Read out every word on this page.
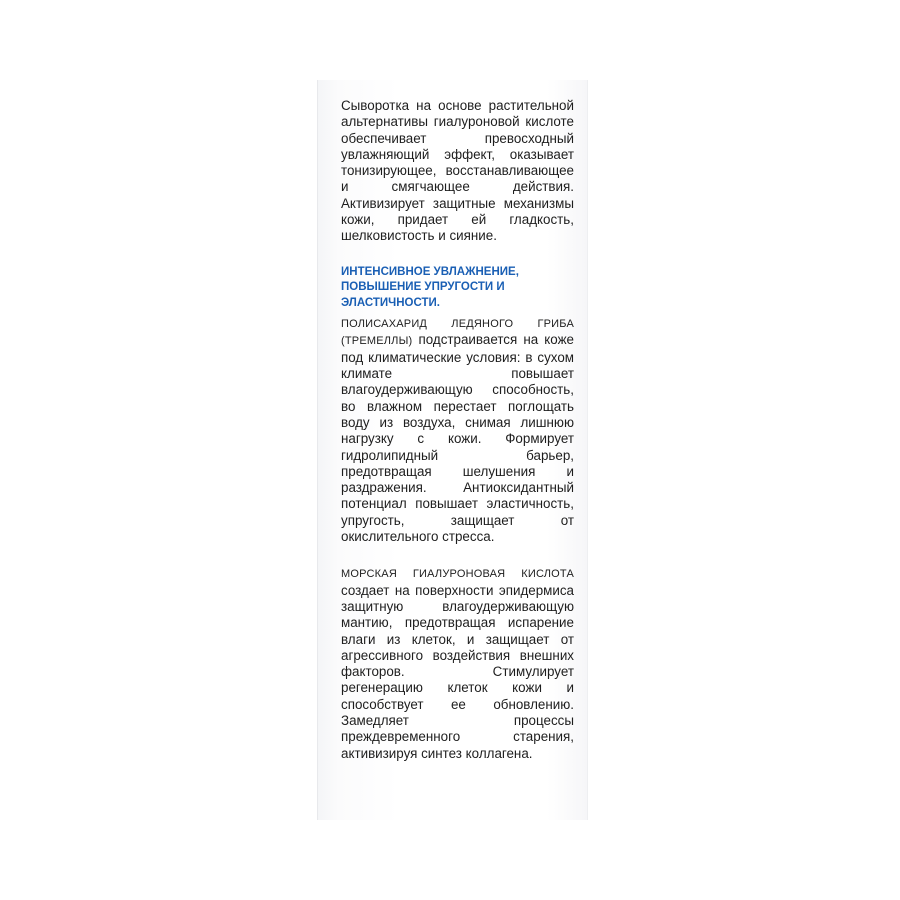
Сыворотка на основе растительной альтернативы гиалуроновой кислоте обеспечивает превосходный увлажняющий эффект, оказывает тонизирующее, восстанавливающее и смягчающее действия. Активизирует защитные механизмы кожи, придает ей гладкость, шелковистость и сияние.

ИНТЕНСИВНОЕ УВЛАЖНЕНИЕ, ПОВЫШЕНИЕ УПРУГОСТИ И ЭЛАСТИЧНОСТИ.

ПОЛИСАХАРИД ЛЕДЯНОГО ГРИБА (ТРЕМЕЛЛЫ) подстраивается на коже под климатические условия: в сухом климате повышает влагоудерживающую способность, во влажном перестает поглощать воду из воздуха, снимая лишнюю нагрузку с кожи. Формирует гидролипидный барьер, предотвращая шелушения и раздражения. Антиоксидантный потенциал повышает эластичность, упругость, защищает от окислительного стресса.

МОРСКАЯ ГИАЛУРОНОВАЯ КИСЛОТА создает на поверхности эпидермиса защитную влагоудерживающую мантию, предотвращая испарение влаги из клеток, и защищает от агрессивного воздействия внешних факторов. Стимулирует регенерацию клеток кожи и способствует ее обновлению. Замедляет процессы преждевременного старения, активизируя синтез коллагена.
